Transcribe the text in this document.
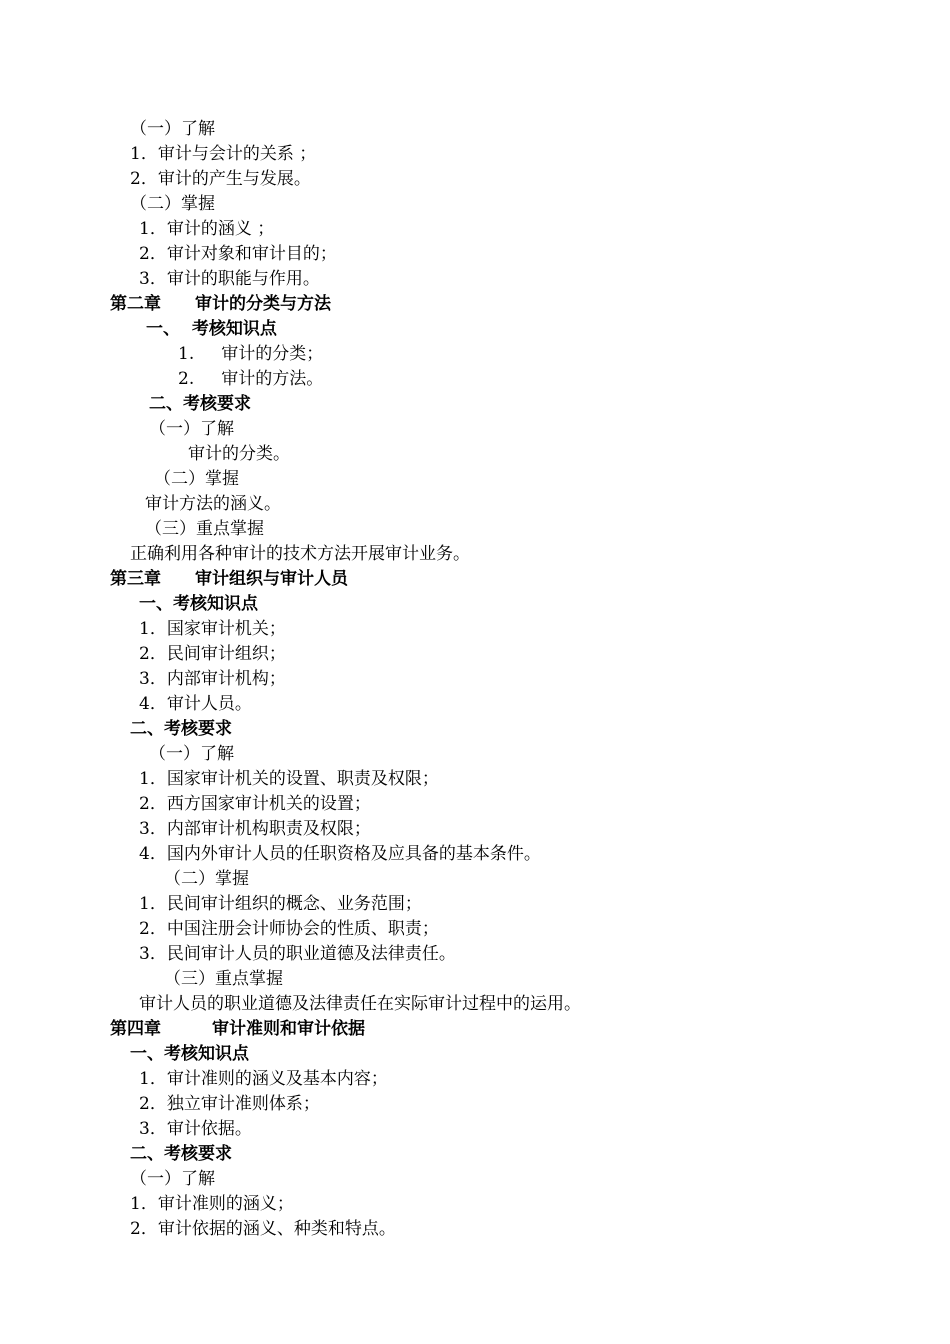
（一）了解
1．审计与会计的关系 ；
2．审计的产生与发展。
（二）掌握
1．审计的涵义 ；
2．审计对象和审计目的；
3．审计的职能与作用。
第二章　　审计的分类与方法
一、  考核知识点
1.     审计的分类；
2.     审计的方法。
二、考核要求
（一）了解
审计的分类。
（二）掌握
审计方法的涵义。
（三）重点掌握
正确利用各种审计的技术方法开展审计业务。
第三章　　审计组织与审计人员
一、考核知识点
1．国家审计机关；
2．民间审计组织；
3．内部审计机构；
4．审计人员。
二、考核要求
（一）了解
1．国家审计机关的设置、职责及权限；
2．西方国家审计机关的设置；
3．内部审计机构职责及权限；
4．国内外审计人员的任职资格及应具备的基本条件。
（二）掌握
1．民间审计组织的概念、业务范围；
2．中国注册会计师协会的性质、职责；
3．民间审计人员的职业道德及法律责任。
（三）重点掌握
审计人员的职业道德及法律责任在实际审计过程中的运用。
第四章　　　审计准则和审计依据
一、考核知识点
1．审计准则的涵义及基本内容；
2．独立审计准则体系；
3．审计依据。
二、考核要求
（一）了解
1．审计准则的涵义；
2．审计依据的涵义、种类和特点。
